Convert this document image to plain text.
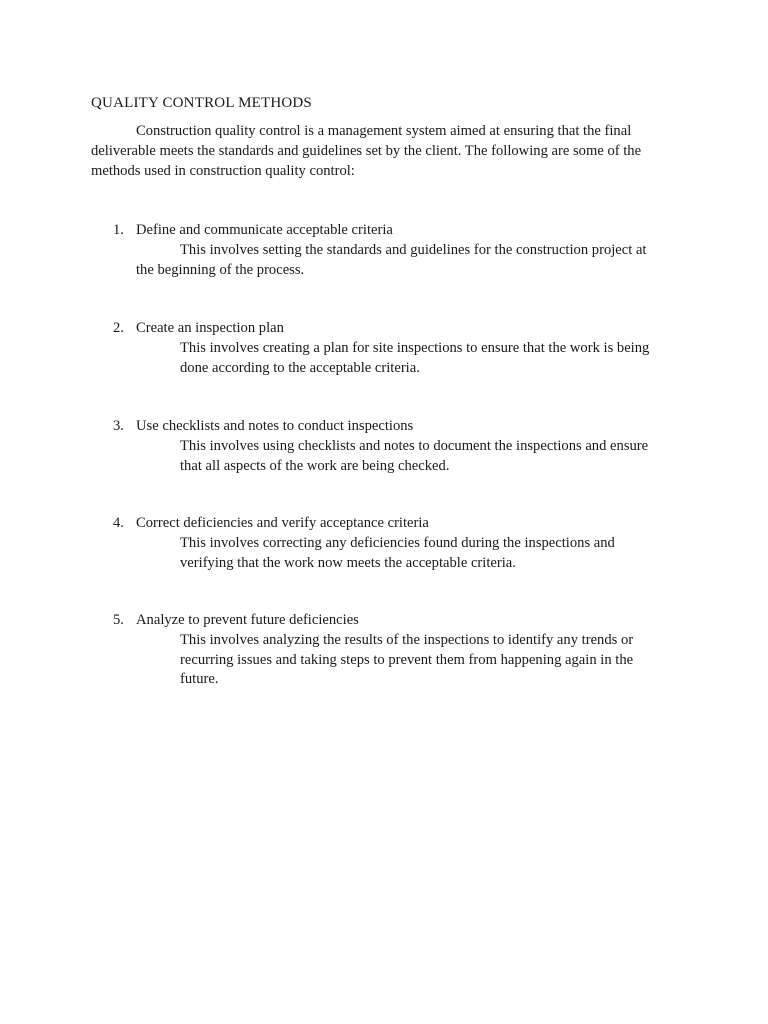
QUALITY CONTROL METHODS
Construction quality control is a management system aimed at ensuring that the final
deliverable meets the standards and guidelines set by the client. The following are some of the
methods used in construction quality control:
1. Define and communicate acceptable criteria
This involves setting the standards and guidelines for the construction project at
the beginning of the process.
2. Create an inspection plan
This involves creating a plan for site inspections to ensure that the work is being
done according to the acceptable criteria.
3. Use checklists and notes to conduct inspections
This involves using checklists and notes to document the inspections and ensure
that all aspects of the work are being checked.
4. Correct deficiencies and verify acceptance criteria
This involves correcting any deficiencies found during the inspections and
verifying that the work now meets the acceptable criteria.
5. Analyze to prevent future deficiencies
This involves analyzing the results of the inspections to identify any trends or
recurring issues and taking steps to prevent them from happening again in the
future.
